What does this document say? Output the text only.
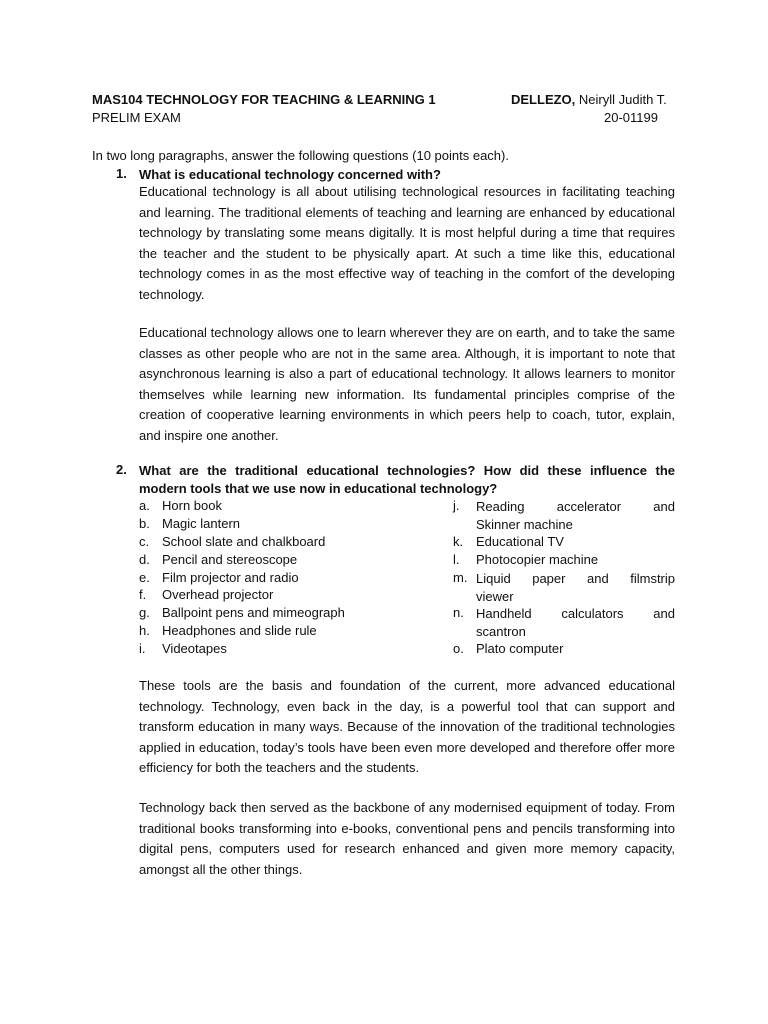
MAS104 TECHNOLOGY FOR TEACHING & LEARNING 1	DELLEZO, Neiryll Judith T.
PRELIM EXAM	20-01199
In two long paragraphs, answer the following questions (10 points each).
1. What is educational technology concerned with?
Educational technology is all about utilising technological resources in facilitating teaching and learning. The traditional elements of teaching and learning are enhanced by educational technology by translating some means digitally. It is most helpful during a time that requires the teacher and the student to be physically apart. At such a time like this, educational technology comes in as the most effective way of teaching in the comfort of the developing technology.
Educational technology allows one to learn wherever they are on earth, and to take the same classes as other people who are not in the same area. Although, it is important to note that asynchronous learning is also a part of educational technology. It allows learners to monitor themselves while learning new information. Its fundamental principles comprise of the creation of cooperative learning environments in which peers help to coach, tutor, explain, and inspire one another.
2. What are the traditional educational technologies? How did these influence the modern tools that we use now in educational technology?
a. Horn book
b. Magic lantern
c. School slate and chalkboard
d. Pencil and stereoscope
e. Film projector and radio
f. Overhead projector
g. Ballpoint pens and mimeograph
h. Headphones and slide rule
i. Videotapes
j. Reading accelerator and
Skinner machine
k. Educational TV
l. Photocopier machine
m. Liquid paper and filmstrip
viewer
n. Handheld calculators and
scantron
o. Plato computer
These tools are the basis and foundation of the current, more advanced educational technology. Technology, even back in the day, is a powerful tool that can support and transform education in many ways. Because of the innovation of the traditional technologies applied in education, today’s tools have been even more developed and therefore offer more efficiency for both the teachers and the students.
Technology back then served as the backbone of any modernised equipment of today. From traditional books transforming into e-books, conventional pens and pencils transforming into digital pens, computers used for research enhanced and given more memory capacity, amongst all the other things.
